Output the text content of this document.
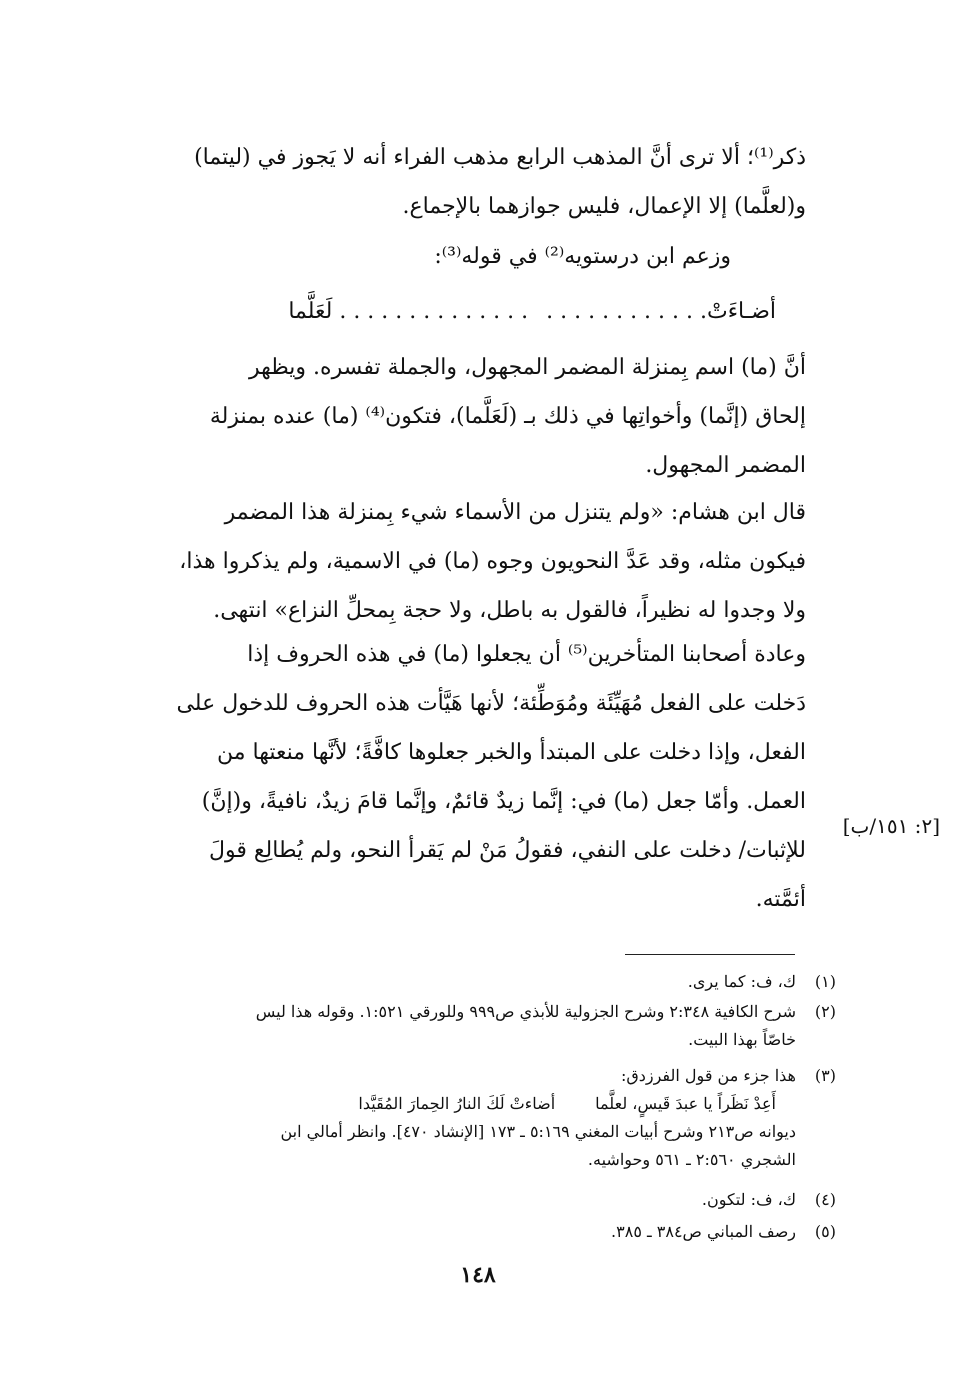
ذكر⁽¹⁾؛ ألا ترى أنَّ المذهب الرابع مذهب الفراء أنه لا يَجوز في (ليتما)
و(لعلَّما) إلا الإعمال، فليس جوازهما بالإجماع.
وزعم ابن درستويه⁽²⁾ في قوله⁽³⁾:
أضـاءَتْ. . . . . . . . . . . .
. . . . . . . . . . . . . . لَعَلَّما
أنَّ (ما) اسم بِمنزلة المضمر المجهول، والجملة تفسره. ويظهر
إلحاق (إنَّما) وأخواتِها في ذلك بـ (لَعَلَّما)، فتكون⁽⁴⁾ (ما) عنده بمنزلة
المضمر المجهول.
قال ابن هشام: «ولم يتنزل من الأسماء شيء بِمنزلة هذا المضمر
فيكون مثله، وقد عَدَّ النحويون وجوه (ما) في الاسمية، ولم يذكروا هذا،
ولا وجدوا له نظيراً، فالقول به باطل، ولا حجة بِمحلِّ النزاع» انتهى.
وعادة أصحابنا المتأخرين⁽⁵⁾ أن يجعلوا (ما) في هذه الحروف إذا
دَخلت على الفعل مُهَيِّئَة ومُوَطِّئة؛ لأنها هَيَّأت هذه الحروف للدخول على
الفعل، وإذا دخلت على المبتدأ والخبر جعلوها كافَّةً؛ لأنَّها منعتها من
العمل. وأمّا جعل (ما) في: إنَّما زيدٌ قائمٌ، وإنَّما قامَ زيدٌ، نافيةً، و(إنَّ)
للإثبات/ دخلت على النفي، فقولُ مَنْ لم يَقرأ النحو، ولم يُطالِع قولَ
أئمَّته.
[٢: ١٥١/ب]
(١)
ك، ف: كما يرى.
(٢)
شرح الكافية ٢:٣٤٨ وشرح الجزولية للأبذي ص٩٩٩ وللورقي ١:٥٢١. وقوله هذا ليس
خاصّاً بهذا البيت.
(٣)
هذا جزء من قول الفرزدق:
أَعِدْ نَظَراً يا عبدَ قَيسٍ، لعلَّما
أضاءتْ لَكَ النارُ الحِمارَ المُقَيَّدا
ديوانه ص٢١٣ وشرح أبيات المغني ٥:١٦٩ ـ ١٧٣ [الإنشاد ٤٧٠]. وانظر أمالي ابن
الشجري ٢:٥٦٠ ـ ٥٦١ وحواشيه.
(٤)
ك، ف: لتكون.
(٥)
رصف المباني ص٣٨٤ ـ ٣٨٥.
١٤٨
